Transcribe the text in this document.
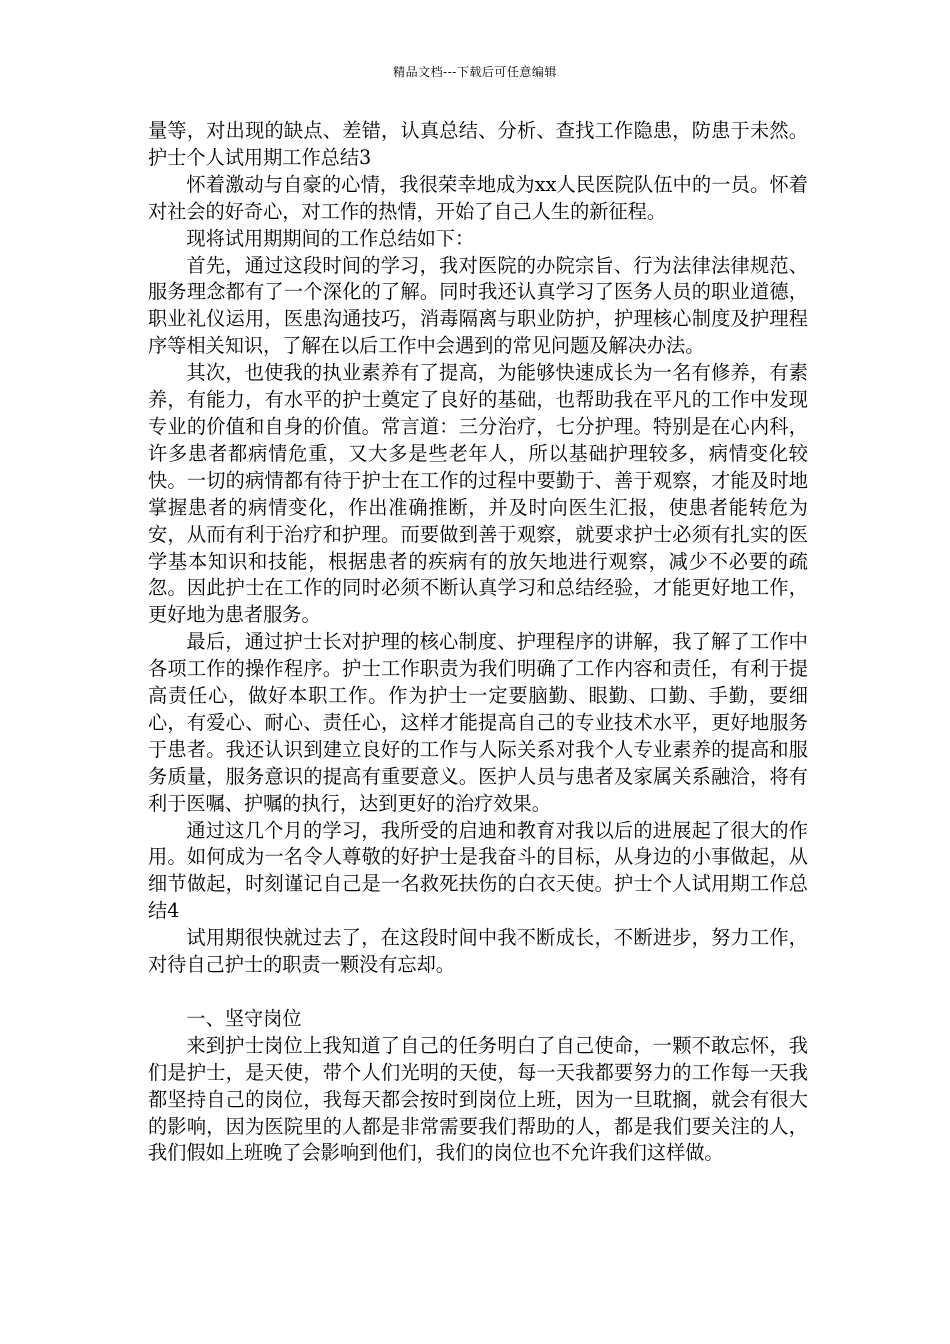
精品文档---下载后可任意编辑

量等，对出现的缺点、差错，认真总结、分析、查找工作隐患，防患于未然。护士个人试用期工作总结3

怀着激动与自豪的心情，我很荣幸地成为xx人民医院队伍中的一员。怀着对社会的好奇心，对工作的热情，开始了自己人生的新征程。

现将试用期期间的工作总结如下：

首先，通过这段时间的学习，我对医院的办院宗旨、行为法律法律规范、服务理念都有了一个深化的了解。同时我还认真学习了医务人员的职业道德，职业礼仪运用，医患沟通技巧，消毒隔离与职业防护，护理核心制度及护理程序等相关知识，了解在以后工作中会遇到的常见问题及解决办法。

其次，也使我的执业素养有了提高，为能够快速成长为一名有修养，有素养，有能力，有水平的护士奠定了良好的基础，也帮助我在平凡的工作中发现专业的价值和自身的价值。常言道：三分治疗，七分护理。特别是在心内科，许多患者都病情危重，又大多是些老年人，所以基础护理较多，病情变化较快。一切的病情都有待于护士在工作的过程中要勤于、善于观察，才能及时地掌握患者的病情变化，作出准确推断，并及时向医生汇报，使患者能转危为安，从而有利于治疗和护理。而要做到善于观察，就要求护士必须有扎实的医学基本知识和技能，根据患者的疾病有的放矢地进行观察，减少不必要的疏忽。因此护士在工作的同时必须不断认真学习和总结经验，才能更好地工作，更好地为患者服务。

最后，通过护士长对护理的核心制度、护理程序的讲解，我了解了工作中各项工作的操作程序。护士工作职责为我们明确了工作内容和责任，有利于提高责任心，做好本职工作。作为护士一定要脑勤、眼勤、口勤、手勤，要细心，有爱心、耐心、责任心，这样才能提高自己的专业技术水平，更好地服务于患者。我还认识到建立良好的工作与人际关系对我个人专业素养的提高和服务质量，服务意识的提高有重要意义。医护人员与患者及家属关系融洽，将有利于医嘱、护嘱的执行，达到更好的治疗效果。

通过这几个月的学习，我所受的启迪和教育对我以后的进展起了很大的作用。如何成为一名令人尊敬的好护士是我奋斗的目标，从身边的小事做起，从细节做起，时刻谨记自己是一名救死扶伤的白衣天使。护士个人试用期工作总结4

试用期很快就过去了，在这段时间中我不断成长，不断进步，努力工作，对待自己护士的职责一颗没有忘却。

一、坚守岗位

来到护士岗位上我知道了自己的任务明白了自己使命，一颗不敢忘怀，我们是护士，是天使，带个人们光明的天使，每一天我都要努力的工作每一天我都坚持自己的岗位，我每天都会按时到岗位上班，因为一旦耽搁，就会有很大的影响，因为医院里的人都是非常需要我们帮助的人，都是我们要关注的人，我们假如上班晚了会影响到他们，我们的岗位也不允许我们这样做。
